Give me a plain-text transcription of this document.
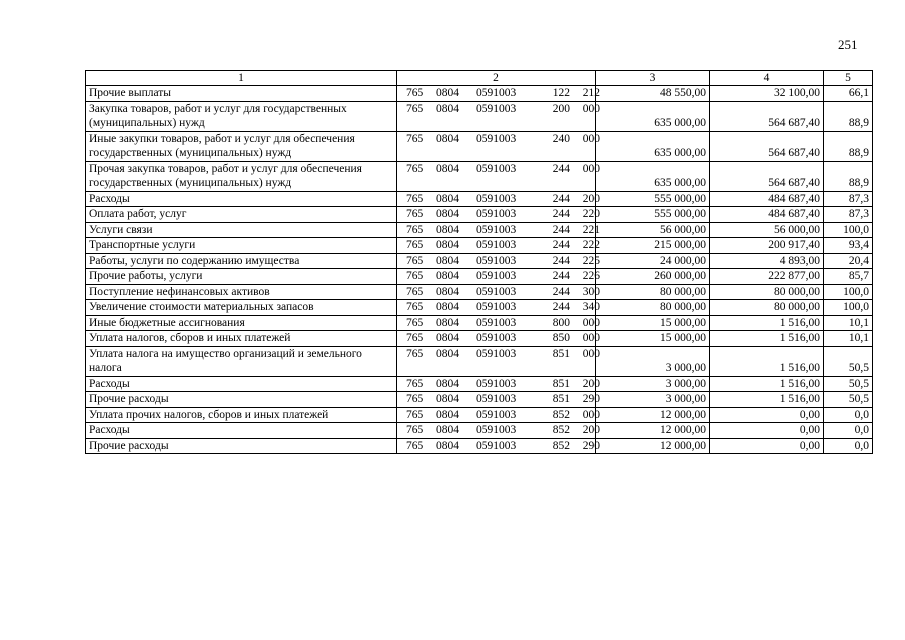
251
1	2	3	4	5
Прочие выплаты	765 0804 0591003 122 212	48 550,00	32 100,00	66,1
Закупка товаров, работ и услуг для государственных (муниципальных) нужд	765 0804 0591003 200 000	635 000,00	564 687,40	88,9
Иные закупки товаров, работ и услуг для обеспечения государственных (муниципальных) нужд	765 0804 0591003 240 000	635 000,00	564 687,40	88,9
Прочая закупка товаров, работ и услуг для обеспечения государственных (муниципальных) нужд	765 0804 0591003 244 000	635 000,00	564 687,40	88,9
Расходы	765 0804 0591003 244 200	555 000,00	484 687,40	87,3
Оплата работ, услуг	765 0804 0591003 244 220	555 000,00	484 687,40	87,3
Услуги связи	765 0804 0591003 244 221	56 000,00	56 000,00	100,0
Транспортные услуги	765 0804 0591003 244 222	215 000,00	200 917,40	93,4
Работы, услуги по содержанию имущества	765 0804 0591003 244 225	24 000,00	4 893,00	20,4
Прочие работы, услуги	765 0804 0591003 244 226	260 000,00	222 877,00	85,7
Поступление нефинансовых активов	765 0804 0591003 244 300	80 000,00	80 000,00	100,0
Увеличение стоимости материальных запасов	765 0804 0591003 244 340	80 000,00	80 000,00	100,0
Иные бюджетные ассигнования	765 0804 0591003 800 000	15 000,00	1 516,00	10,1
Уплата налогов, сборов и иных платежей	765 0804 0591003 850 000	15 000,00	1 516,00	10,1
Уплата налога на имущество организаций и земельного налога	765 0804 0591003 851 000	3 000,00	1 516,00	50,5
Расходы	765 0804 0591003 851 200	3 000,00	1 516,00	50,5
Прочие расходы	765 0804 0591003 851 290	3 000,00	1 516,00	50,5
Уплата прочих налогов, сборов и иных платежей	765 0804 0591003 852 000	12 000,00	0,00	0,0
Расходы	765 0804 0591003 852 200	12 000,00	0,00	0,0
Прочие расходы	765 0804 0591003 852 290	12 000,00	0,00	0,0
